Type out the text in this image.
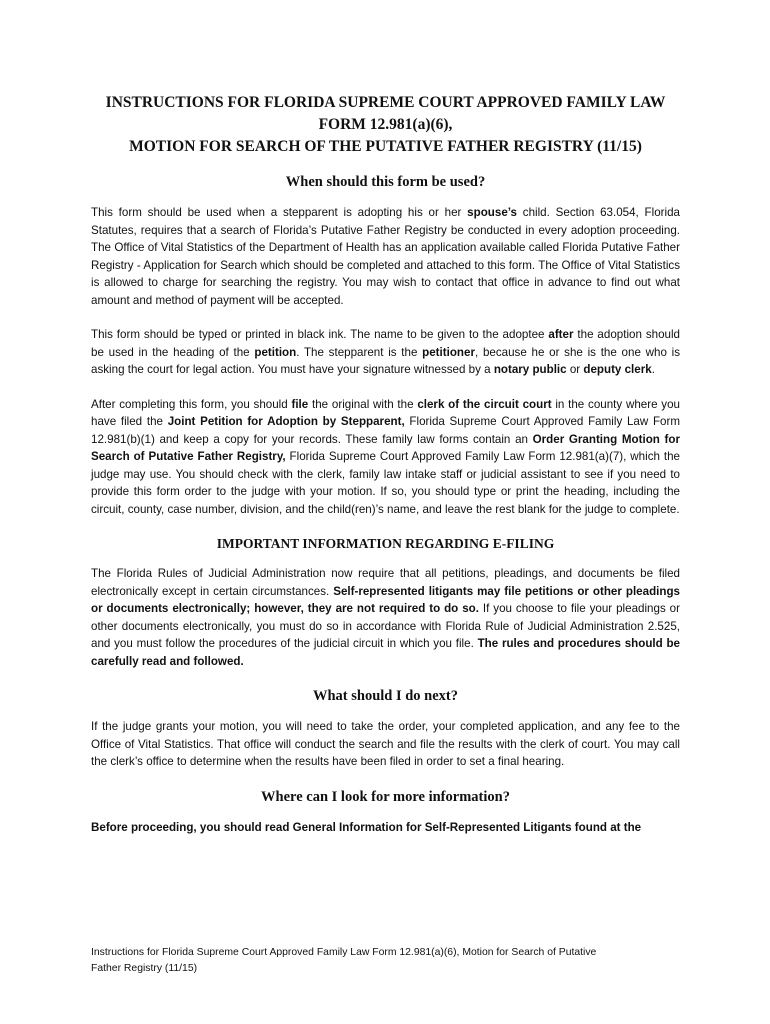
INSTRUCTIONS FOR FLORIDA SUPREME COURT APPROVED FAMILY LAW
FORM 12.981(a)(6),
MOTION FOR SEARCH OF THE PUTATIVE FATHER REGISTRY (11/15)
When should this form be used?

This form should be used when a stepparent is adopting his or her spouse’s child. Section 63.054, Florida Statutes, requires that a search of Florida’s Putative Father Registry be conducted in every adoption proceeding. The Office of Vital Statistics of the Department of Health has an application available called Florida Putative Father Registry - Application for Search which should be completed and attached to this form. The Office of Vital Statistics is allowed to charge for searching the registry. You may wish to contact that office in advance to find out what amount and method of payment will be accepted.

This form should be typed or printed in black ink. The name to be given to the adoptee after the adoption should be used in the heading of the petition. The stepparent is the petitioner, because he or she is the one who is asking the court for legal action. You must have your signature witnessed by a notary public or deputy clerk.

After completing this form, you should file the original with the clerk of the circuit court in the county where you have filed the Joint Petition for Adoption by Stepparent, Florida Supreme Court Approved Family Law Form 12.981(b)(1) and keep a copy for your records. These family law forms contain an Order Granting Motion for Search of Putative Father Registry, Florida Supreme Court Approved Family Law Form 12.981(a)(7), which the judge may use. You should check with the clerk, family law intake staff or judicial assistant to see if you need to provide this form order to the judge with your motion. If so, you should type or print the heading, including the circuit, county, case number, division, and the child(ren)’s name, and leave the rest blank for the judge to complete.

IMPORTANT INFORMATION REGARDING E-FILING

The Florida Rules of Judicial Administration now require that all petitions, pleadings, and documents be filed electronically except in certain circumstances. Self-represented litigants may file petitions or other pleadings or documents electronically; however, they are not required to do so. If you choose to file your pleadings or other documents electronically, you must do so in accordance with Florida Rule of Judicial Administration 2.525, and you must follow the procedures of the judicial circuit in which you file. The rules and procedures should be carefully read and followed.

What should I do next?

If the judge grants your motion, you will need to take the order, your completed application, and any fee to the Office of Vital Statistics. That office will conduct the search and file the results with the clerk of court. You may call the clerk’s office to determine when the results have been filed in order to set a final hearing.

Where can I look for more information?

Before proceeding, you should read General Information for Self-Represented Litigants found at the

Instructions for Florida Supreme Court Approved Family Law Form 12.981(a)(6), Motion for Search of Putative
Father Registry (11/15)
